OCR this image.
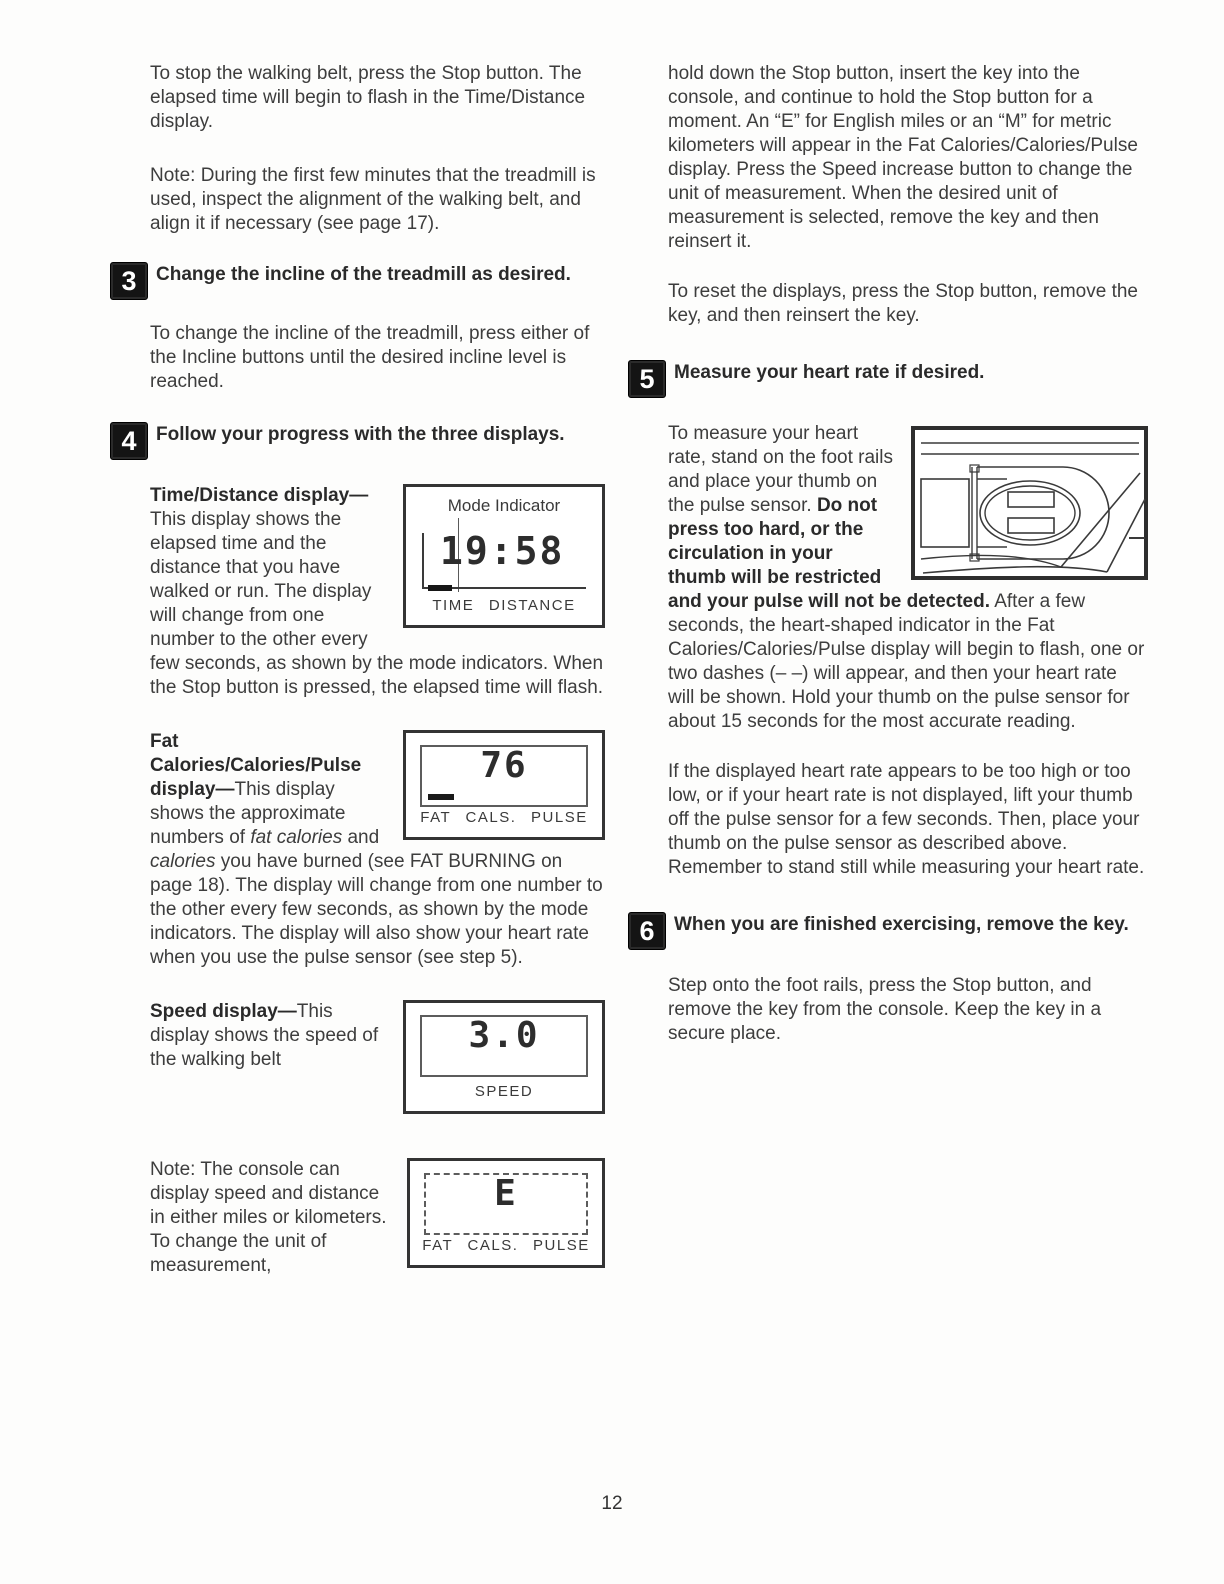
To stop the walking belt, press the Stop button. The elapsed time will begin to flash in the Time/Distance display.

Note: During the first few minutes that the treadmill is used, inspect the alignment of the walking belt, and align it if necessary (see page 17).

3	Change the incline of the treadmill as desired.

To change the incline of the treadmill, press either of the Incline buttons until the desired incline level is reached.

4	Follow your progress with the three displays.
Mode Indicator
19:58
TIME DISTANCE
Time/Distance display—This display shows the elapsed time and the distance that you have walked or run. The display will change from one number to the other every few seconds, as shown by the mode indicators. When the Stop button is pressed, the elapsed time will flash.
76
FAT CALS. PULSE
Fat Calories/Calories/Pulse display—This display shows the approximate numbers of fat calories and calories you have burned (see FAT BURNING on page 18). The display will change from one number to the other every few seconds, as shown by the mode indicators. The display will also show your heart rate when you use the pulse sensor (see step 5).
3.0
SPEED
Speed display—This display shows the speed of the walking belt
E
FAT CALS. PULSE
Note: The console can display speed and distance in either miles or kilometers. To change the unit of measurement,

hold down the Stop button, insert the key into the console, and continue to hold the Stop button for a moment. An “E” for English miles or an “M” for metric kilometers will appear in the Fat Calories/Calories/Pulse display. Press the Speed increase button to change the unit of measurement. When the desired unit of measurement is selected, remove the key and then reinsert it.

To reset the displays, press the Stop button, remove the key, and then reinsert the key.

5	Measure your heart rate if desired.
To measure your heart rate, stand on the foot rails and place your thumb on the pulse sensor. Do not press too hard, or the circulation in your thumb will be restricted and your pulse will not be detected. After a few seconds, the heart-shaped indicator in the Fat Calories/Calories/Pulse display will begin to flash, one or two dashes (– –) will appear, and then your heart rate will be shown. Hold your thumb on the pulse sensor for about 15 seconds for the most accurate reading.

If the displayed heart rate appears to be too high or too low, or if your heart rate is not displayed, lift your thumb off the pulse sensor for a few seconds. Then, place your thumb on the pulse sensor as described above. Remember to stand still while measuring your heart rate.

6	When you are finished exercising, remove the key.

Step onto the foot rails, press the Stop button, and remove the key from the console. Keep the key in a secure place.

12
